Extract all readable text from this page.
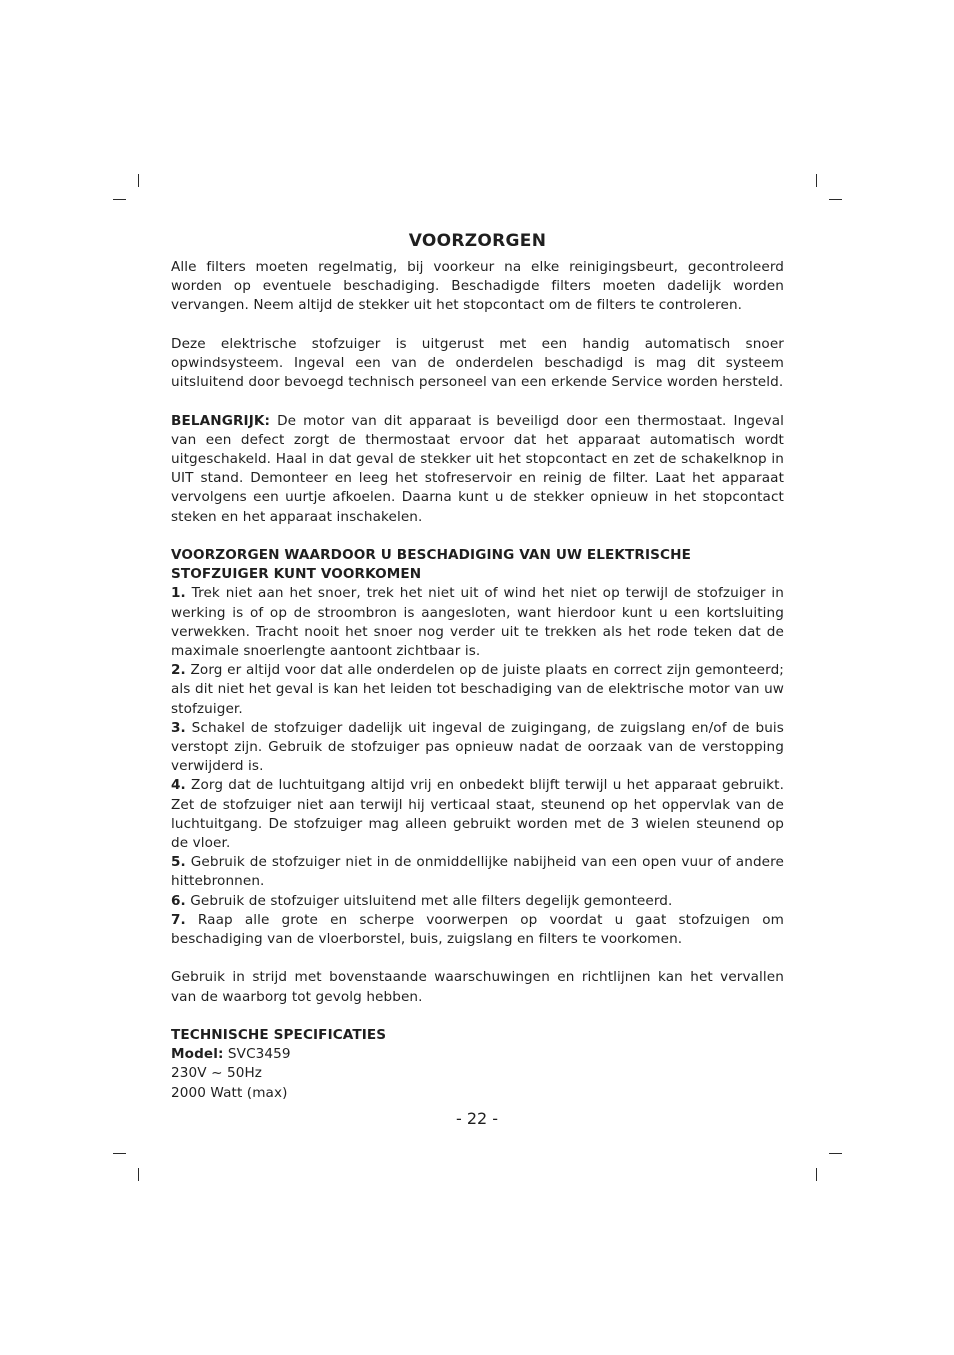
VOORZORGEN

Alle filters moeten regelmatig, bij voorkeur na elke reinigingsbeurt, gecontroleerd worden op eventuele beschadiging. Beschadigde filters moeten dadelijk worden vervangen. Neem altijd de stekker uit het stopcontact om de filters te controleren.

Deze elektrische stofzuiger is uitgerust met een handig automatisch snoer opwindsysteem. Ingeval een van de onderdelen beschadigd is mag dit systeem uitsluitend door bevoegd technisch personeel van een erkende Service worden hersteld.

BELANGRIJK: De motor van dit apparaat is beveiligd door een thermostaat. Ingeval van een defect zorgt de thermostaat ervoor dat het apparaat automatisch wordt uitgeschakeld. Haal in dat geval de stekker uit het stopcontact en zet de schakelknop in UIT stand. Demonteer en leeg het stofreservoir en reinig de filter. Laat het apparaat vervolgens een uurtje afkoelen. Daarna kunt u de stekker opnieuw in het stopcontact steken en het apparaat inschakelen.

VOORZORGEN WAARDOOR U BESCHADIGING VAN UW ELEKTRISCHE STOFZUIGER KUNT VOORKOMEN

1. Trek niet aan het snoer, trek het niet uit of wind het niet op terwijl de stofzuiger in werking is of op de stroombron is aangesloten, want hierdoor kunt u een kortsluiting verwekken. Tracht nooit het snoer nog verder uit te trekken als het rode teken dat de maximale snoerlengte aantoont zichtbaar is.

2. Zorg er altijd voor dat alle onderdelen op de juiste plaats en correct zijn gemonteerd; als dit niet het geval is kan het leiden tot beschadiging van de elektrische motor van uw stofzuiger.

3. Schakel de stofzuiger dadelijk uit ingeval de zuigingang, de zuigslang en/of de buis verstopt zijn. Gebruik de stofzuiger pas opnieuw nadat de oorzaak van de verstopping verwijderd is.

4. Zorg dat de luchtuitgang altijd vrij en onbedekt blijft terwijl u het apparaat gebruikt. Zet de stofzuiger niet aan terwijl hij verticaal staat, steunend op het oppervlak van de luchtuitgang. De stofzuiger mag alleen gebruikt worden met de 3 wielen steunend op de vloer.

5. Gebruik de stofzuiger niet in de onmiddellijke nabijheid van een open vuur of andere hittebronnen.

6. Gebruik de stofzuiger uitsluitend met alle filters degelijk gemonteerd.

7. Raap alle grote en scherpe voorwerpen op voordat u gaat stofzuigen om beschadiging van de vloerborstel, buis, zuigslang en filters te voorkomen.

Gebruik in strijd met bovenstaande waarschuwingen en richtlijnen kan het vervallen van de waarborg tot gevolg hebben.

TECHNISCHE SPECIFICATIES

Model: SVC3459

230V ~ 50Hz

2000 Watt (max)

- 22 -
